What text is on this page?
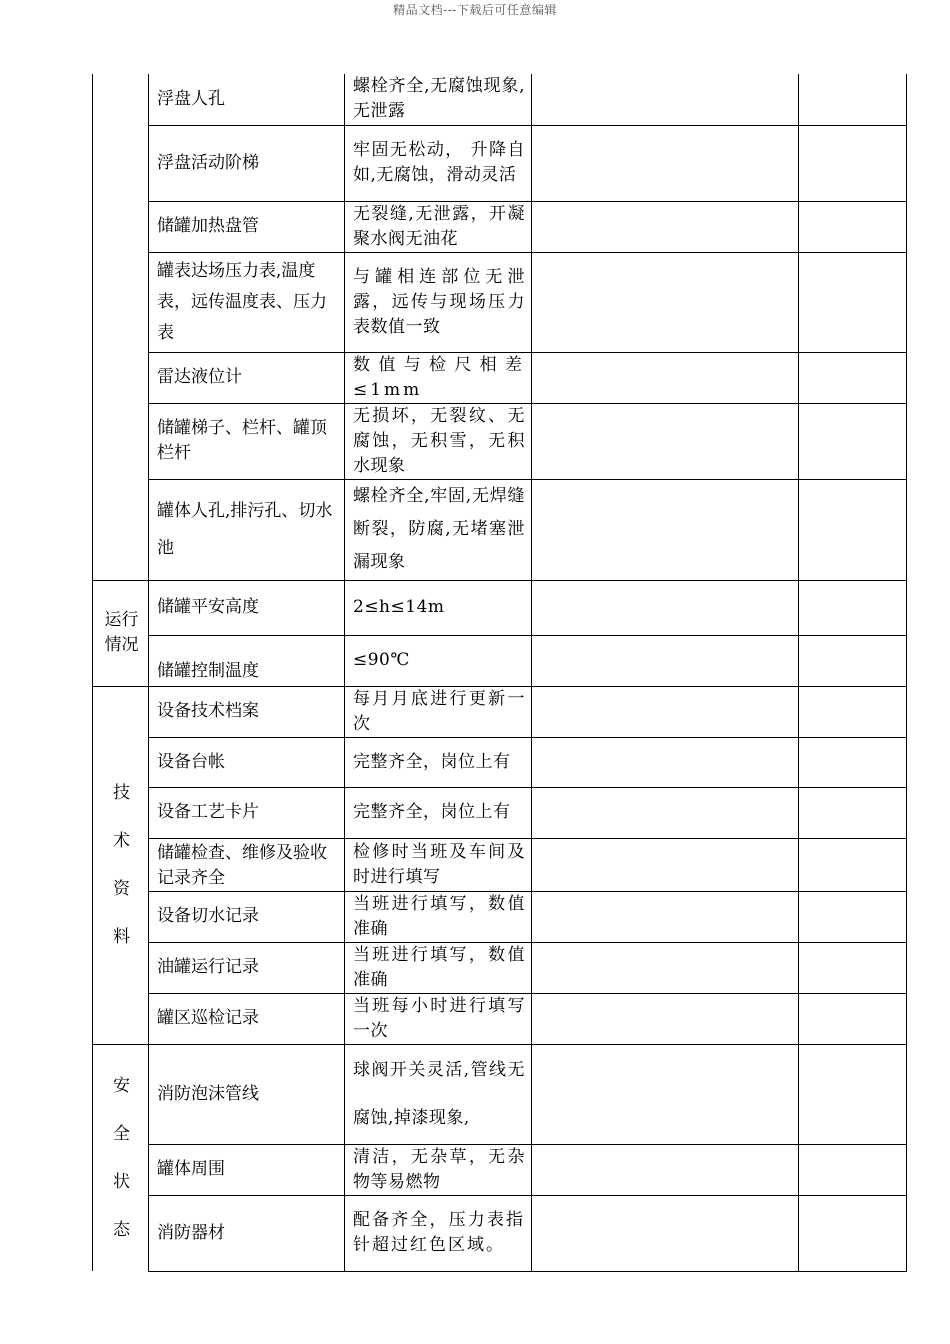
精品文档---下载后可任意编辑
	浮盘人孔	螺栓齐全,无腐蚀现象,无泄露		
	浮盘活动阶梯	牢固无松动， 升降自如,无腐蚀，滑动灵活		
	储罐加热盘管	无裂缝,无泄露，开凝聚水阀无油花		
	罐表达场压力表,温度表，远传温度表、压力表	与罐相连部位无泄露，远传与现场压力表数值一致		
	雷达液位计	数值与检尺相差≤1mm		
	储罐梯子、栏杆、罐顶栏杆	无损坏，无裂纹、无腐蚀，无积雪，无积水现象		
	罐体人孔,排污孔、切水池	螺栓齐全,牢固,无焊缝断裂，防腐,无堵塞泄漏现象		
运行情况	储罐平安高度	2≤h≤14m		
	储罐控制温度	≤90℃		
技术资料	设备技术档案	每月月底进行更新一次		
	设备台帐	完整齐全，岗位上有		
	设备工艺卡片	完整齐全，岗位上有		
	储罐检查、维修及验收记录齐全	检修时当班及车间及时进行填写		
	设备切水记录	当班进行填写，数值准确		
	油罐运行记录	当班进行填写，数值准确		
	罐区巡检记录	当班每小时进行填写一次		
安全状态	消防泡沫管线	球阀开关灵活,管线无腐蚀,掉漆现象,		
	罐体周围	清洁，无杂草，无杂物等易燃物		
	消防器材	配备齐全，压力表指针超过红色区域。		
